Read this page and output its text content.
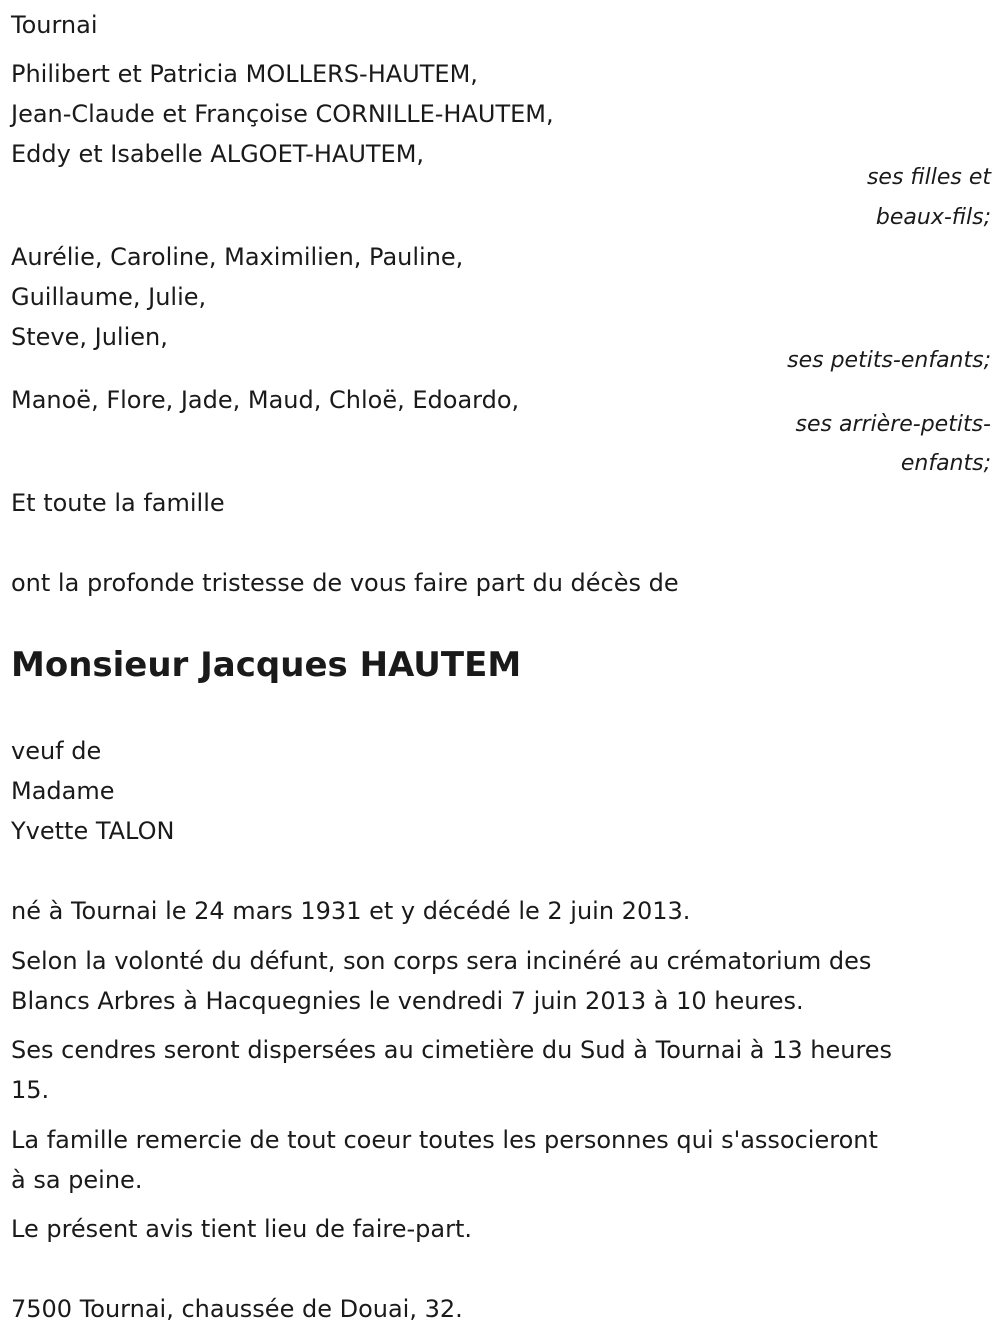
Tournai
Philibert et Patricia MOLLERS-HAUTEM,
Jean-Claude et Françoise CORNILLE-HAUTEM,
Eddy et Isabelle ALGOET-HAUTEM,
ses filles et
beaux-fils;
Aurélie, Caroline, Maximilien, Pauline,
Guillaume, Julie,
Steve, Julien,
ses petits-enfants;
Manoë, Flore, Jade, Maud, Chloë, Edoardo,
ses arrière-petits-
enfants;
Et toute la famille
ont la profonde tristesse de vous faire part du décès de
Monsieur Jacques HAUTEM
veuf de
Madame
Yvette TALON
né à Tournai le 24 mars 1931 et y décédé le 2 juin 2013.
Selon la volonté du défunt, son corps sera incinéré au crématorium des
Blancs Arbres à Hacquegnies le vendredi 7 juin 2013 à 10 heures.
Ses cendres seront dispersées au cimetière du Sud à Tournai à 13 heures
15.
La famille remercie de tout coeur toutes les personnes qui s'associeront
à sa peine.
Le présent avis tient lieu de faire-part.
7500 Tournai, chaussée de Douai, 32.
